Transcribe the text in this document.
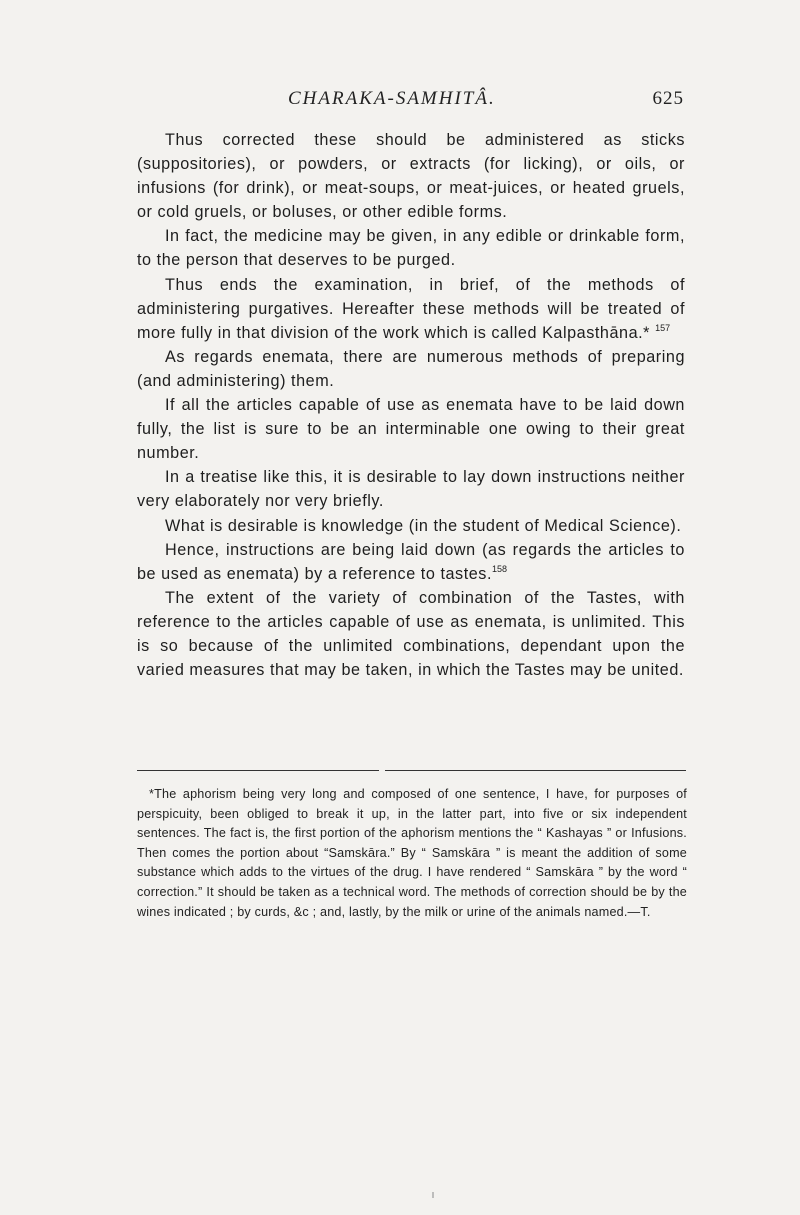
CHARAKA-SAMHITÂ.	625

Thus corrected these should be administered as sticks (suppositories), or powders, or extracts (for licking), or oils, or infusions (for drink), or meat-soups, or meat-juices, or heated gruels, or cold gruels, or boluses, or other edible forms.

In fact, the medicine may be given, in any edible or drinkable form, to the person that deserves to be purged.

Thus ends the examination, in brief, of the methods of administering purgatives. Hereafter these methods will be treated of more fully in that division of the work which is called Kalpasthāna.* $^{157}$

As regards enemata, there are numerous methods of preparing (and administering) them.

If all the articles capable of use as enemata have to be laid down fully, the list is sure to be an interminable one owing to their great number.

In a treatise like this, it is desirable to lay down instructions neither very elaborately nor very briefly.

What is desirable is knowledge (in the student of Medical Science).

Hence, instructions are being laid down (as regards the articles to be used as enemata) by a reference to tastes.$^{158}$

The extent of the variety of combination of the Tastes, with reference to the articles capable of use as enemata, is unlimited. This is so because of the unlimited combinations, dependant upon the varied measures that may be taken, in which the Tastes may be united.

*The aphorism being very long and composed of one sentence, I have, for purposes of perspicuity, been obliged to break it up, in the latter part, into five or six independent sentences. The fact is, the first portion of the aphorism mentions the “ Kashayas ” or Infusions. Then comes the portion about “Samskāra.” By “ Samskāra ” is meant the addition of some substance which adds to the virtues of the drug. I have rendered “ Samskāra ” by the word “ correction.” It should be taken as a technical word. The methods of correction should be by the wines indicated ; by curds, &c ; and, lastly, by the milk or urine of the animals named.—T.
